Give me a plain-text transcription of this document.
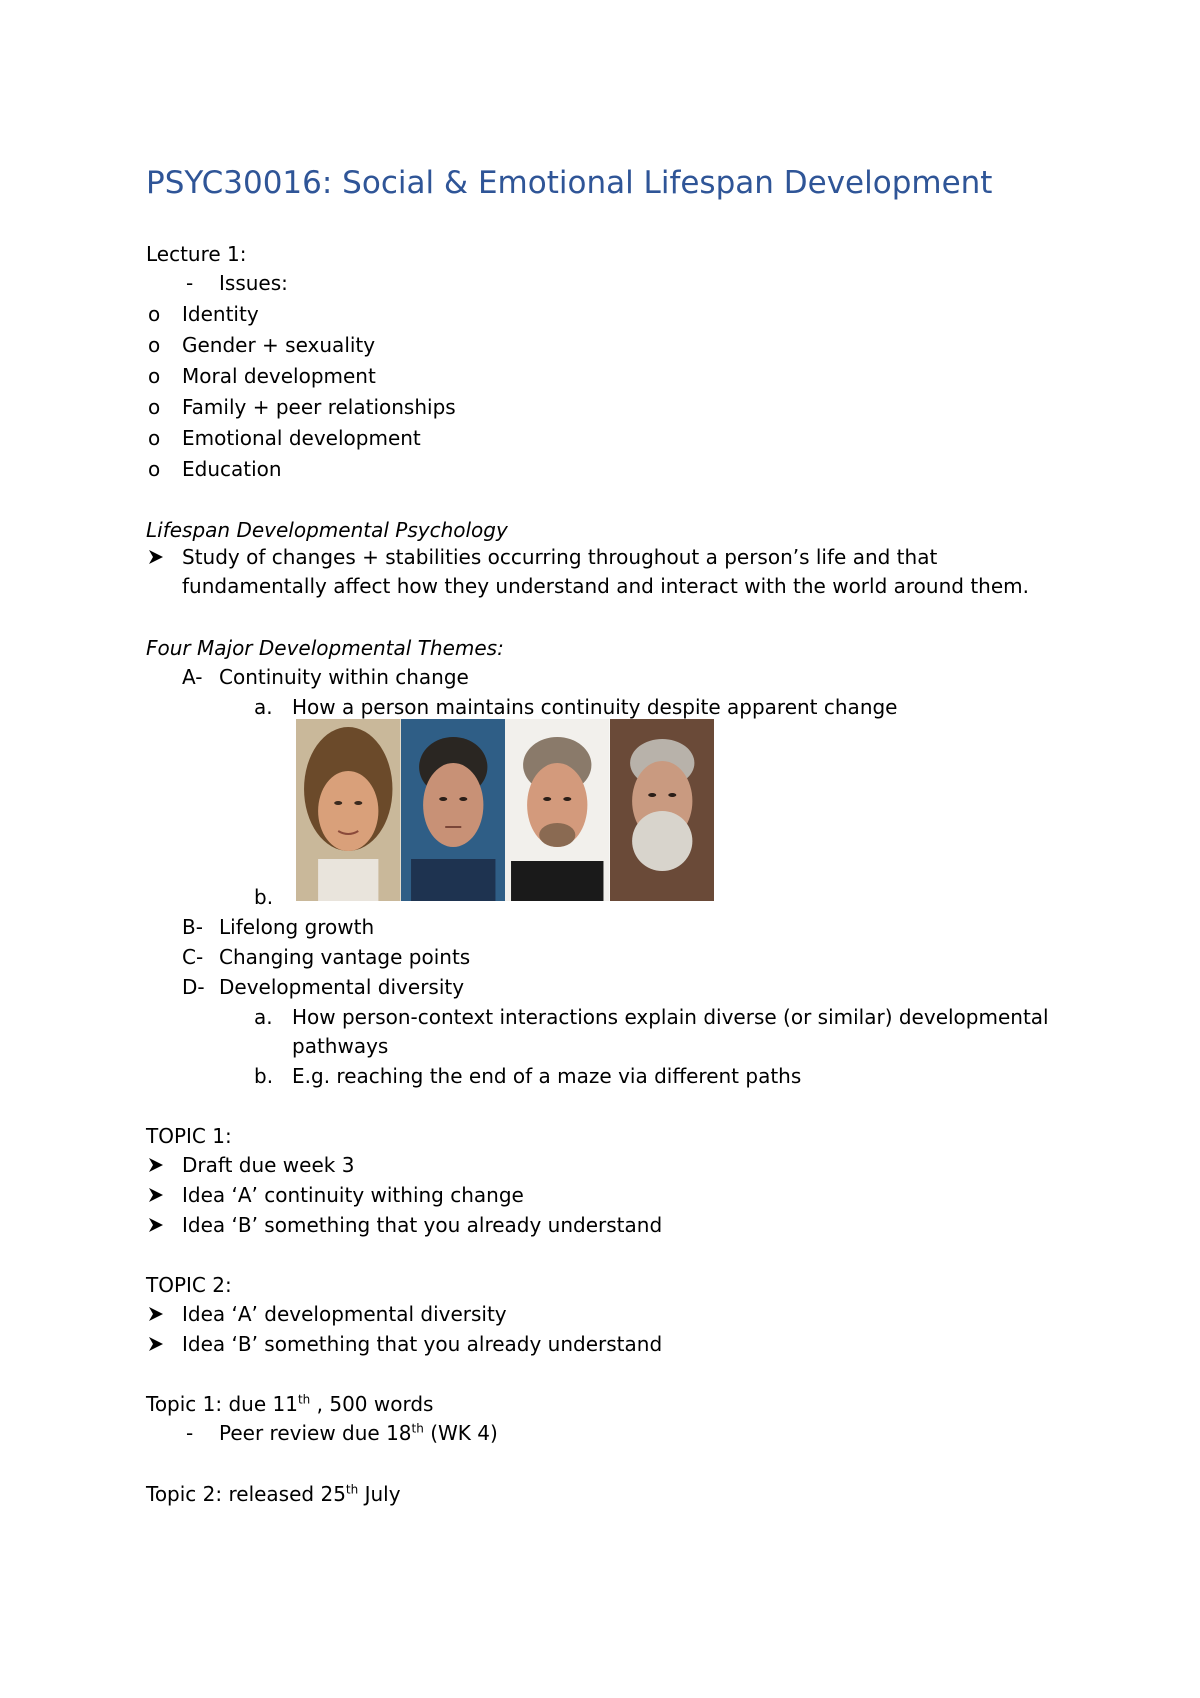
PSYC30016: Social & Emotional Lifespan Development
Lecture 1:
- Issues:
o Identity
o Gender + sexuality
o Moral development
o Family + peer relationships
o Emotional development
o Education
Lifespan Developmental Psychology
Study of changes + stabilities occurring throughout a person’s life and that
fundamentally affect how they understand and interact with the world around them.
Four Major Developmental Themes:
A- Continuity within change
a. How a person maintains continuity despite apparent change
b.
B- Lifelong growth
C- Changing vantage points
D- Developmental diversity
a. How person-context interactions explain diverse (or similar) developmental
pathways
b. E.g. reaching the end of a maze via different paths
TOPIC 1:
Draft due week 3
Idea ‘A’ continuity withing change
Idea ‘B’ something that you already understand
TOPIC 2:
Idea ‘A’ developmental diversity
Idea ‘B’ something that you already understand
Topic 1: due 11th , 500 words
- Peer review due 18th (WK 4)
Topic 2: released 25th July
